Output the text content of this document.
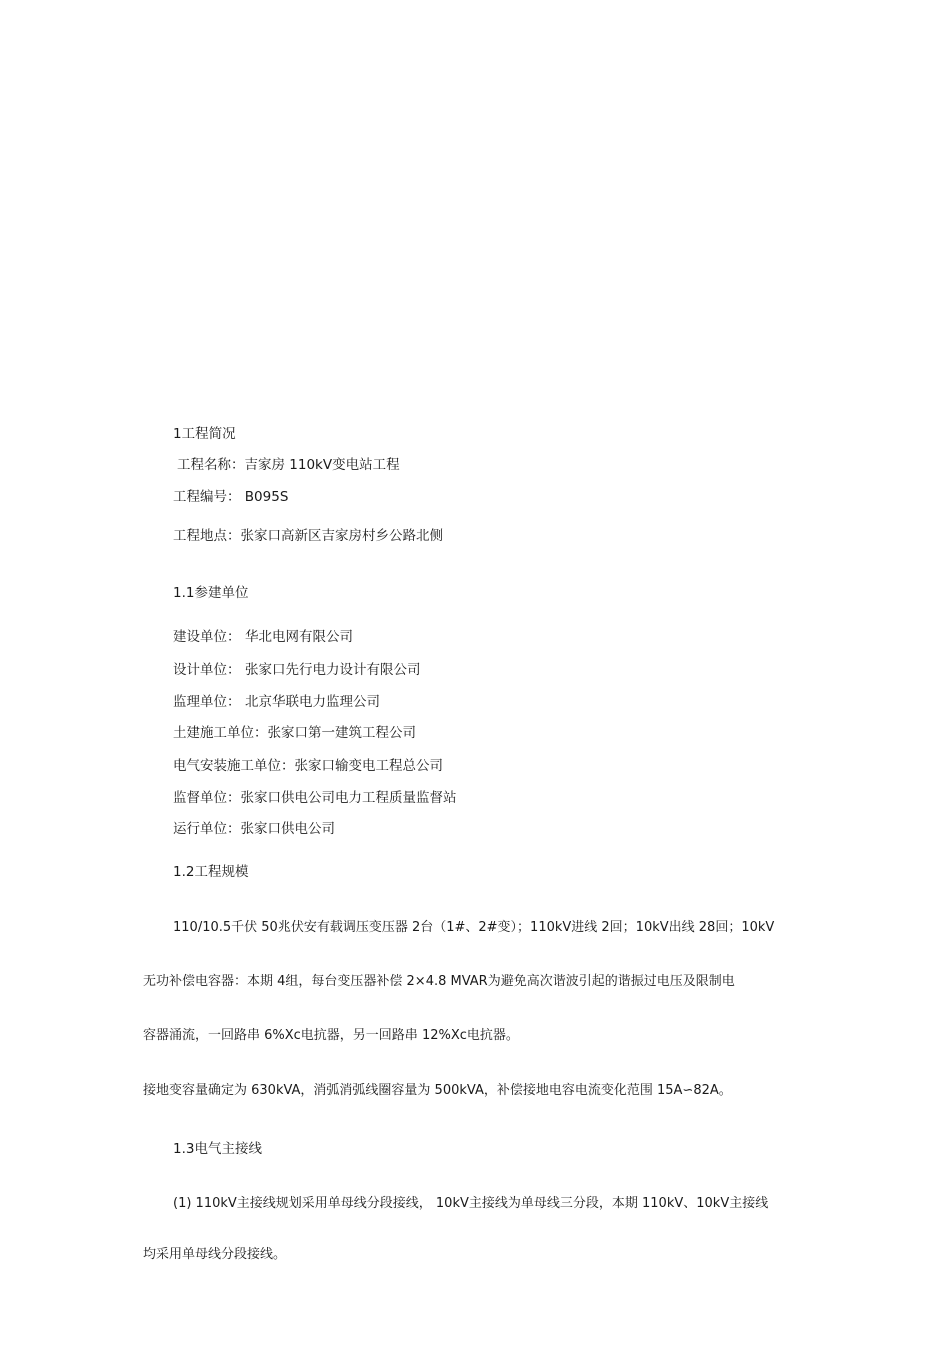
1工程简况
工程名称：吉家房 110kV变电站工程
工程编号： B095S
工程地点：张家口高新区吉家房村乡公路北侧
1.1参建单位
建设单位： 华北电网有限公司
设计单位： 张家口先行电力设计有限公司
监理单位： 北京华联电力监理公司
土建施工单位：张家口第一建筑工程公司
电气安装施工单位：张家口输变电工程总公司
监督单位：张家口供电公司电力工程质量监督站
运行单位：张家口供电公司
1.2工程规模
110/10.5千伏 50兆伏安有载调压变压器 2台（1#、2#变）；110kV进线 2回；10kV出线 28回；10kV
无功补偿电容器：本期 4组，每台变压器补偿 2×4.8 MVAR为避免高次谐波引起的谐振过电压及限制电
容器涌流，一回路串 6%Xc电抗器，另一回路串 12%Xc电抗器。
接地变容量确定为 630kVA，消弧消弧线圈容量为 500kVA，补偿接地电容电流变化范围 15A∽82A。
1.3电气主接线
(1) 110kV主接线规划采用单母线分段接线， 10kV主接线为单母线三分段，本期 110kV、10kV主接线
均采用单母线分段接线。
